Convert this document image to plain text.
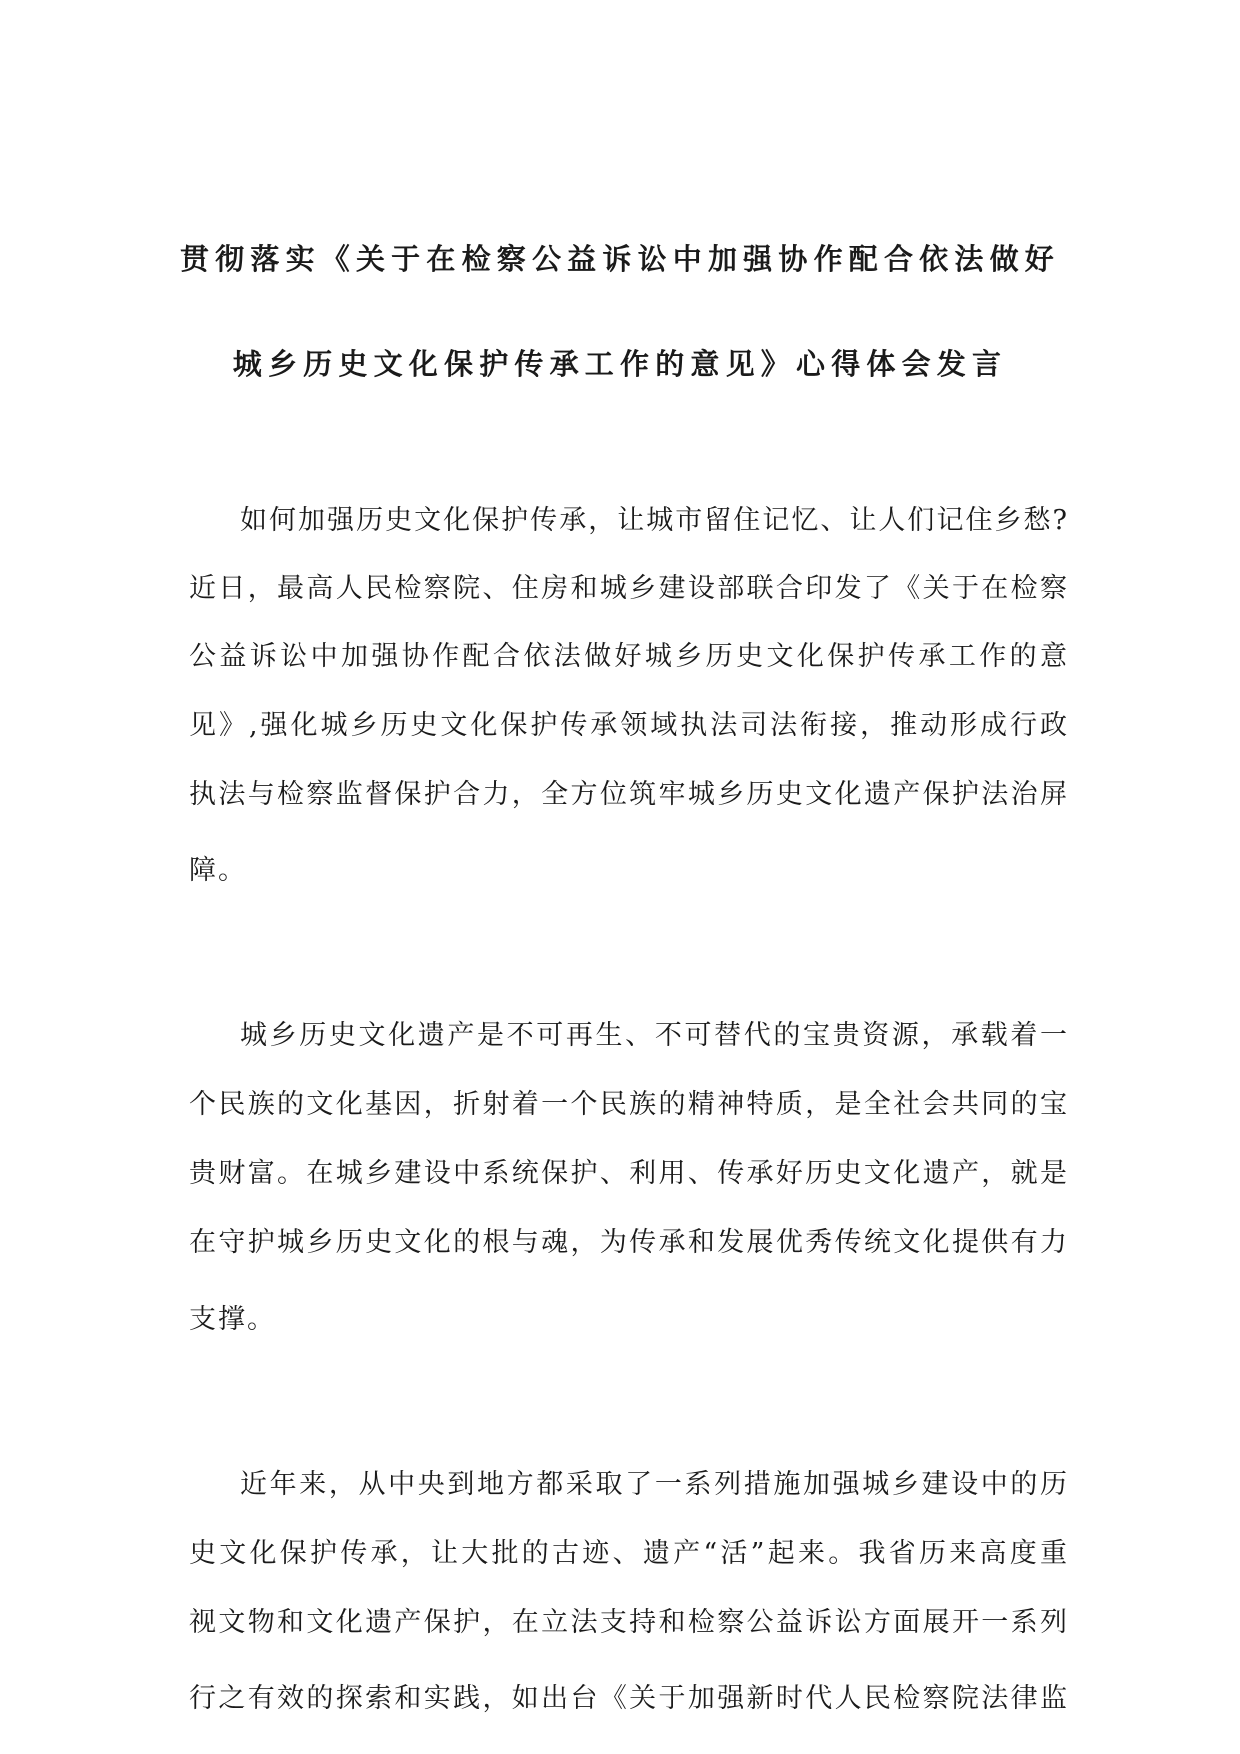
贯彻落实《关于在检察公益诉讼中加强协作配合依法做好
城乡历史文化保护传承工作的意见》心得体会发言
如何加强历史文化保护传承，让城市留住记忆、让人们记住乡愁?
近日，最高人民检察院、住房和城乡建设部联合印发了《关于在检察
公益诉讼中加强协作配合依法做好城乡历史文化保护传承工作的意
见》,强化城乡历史文化保护传承领域执法司法衔接，推动形成行政
执法与检察监督保护合力，全方位筑牢城乡历史文化遗产保护法治屏
障。
城乡历史文化遗产是不可再生、不可替代的宝贵资源，承载着一
个民族的文化基因，折射着一个民族的精神特质，是全社会共同的宝
贵财富。在城乡建设中系统保护、利用、传承好历史文化遗产，就是
在守护城乡历史文化的根与魂，为传承和发展优秀传统文化提供有力
支撑。
近年来，从中央到地方都采取了一系列措施加强城乡建设中的历
史文化保护传承，让大批的古迹、遗产“活”起来。我省历来高度重
视文物和文化遗产保护，在立法支持和检察公益诉讼方面展开一系列
行之有效的探索和实践，如出台《关于加强新时代人民检察院法律监
